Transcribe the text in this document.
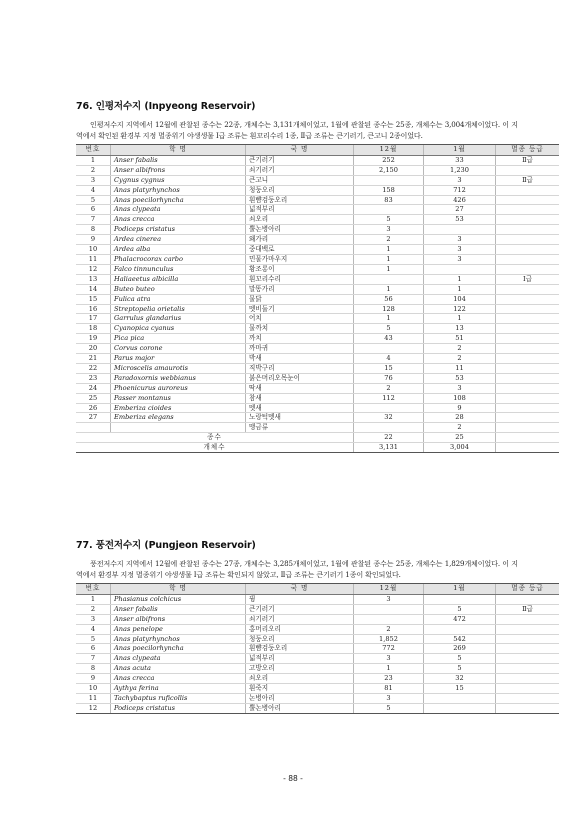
76. 인평저수지 (Inpyeong Reservoir)

인평저수지 지역에서 12월에 관찰된 종수는 22종, 개체수는 3,131개체이었고, 1월에 관찰된 종수는 25종, 개체수는 3,004개체이었다. 이 지역에서 확인된 환경부 지정 멸종위기 야생생물 Ⅰ급 조류는 흰꼬리수리 1종, Ⅱ급 조류는 큰기러기, 큰고니 2종이었다.

번호	학 명	국 명	12월	1월	멸종 등급
1	Anser fabalis	큰기러기	252	33	Ⅱ급
2	Anser albifrons	쇠기러기	2,150	1,230	
3	Cygnus cygnus	큰고니		3	Ⅱ급
4	Anas platyrhynchos	청둥오리	158	712	
5	Anas poecilorhyncha	흰뺨검둥오리	83	426	
6	Anas clypeata	넓적부리		27	
7	Anas crecca	쇠오리	5	53	
8	Podiceps cristatus	뿔논병아리	3		
9	Ardea cinerea	왜가리	2	3	
10	Ardea alba	중대백로	1	3	
11	Phalacrocorax carbo	민물가마우지	1	3	
12	Falco tinnunculus	황조롱이	1		
13	Haliaeetus albicilla	흰꼬리수리		1	Ⅰ급
14	Buteo buteo	말똥가리	1	1	
15	Fulica atra	물닭	56	104	
16	Streptopelia orietalis	멧비둘기	128	122	
17	Garrulus glandarius	어치	1	1	
18	Cyanopica cyanus	물까치	5	13	
19	Pica pica	까치	43	51	
20	Corvus corone	까마귀		2	
21	Parus major	박새	4	2	
22	Microscelis amaurotis	직박구리	15	11	
23	Paradoxornis webbianus	붉은머리오목눈이	76	53	
24	Phoenicurus auroreus	딱새	2	3	
25	Passer montanus	참새	112	108	
26	Emberiza cioides	멧새		9	
27	Emberiza elegans	노랑턱멧새	32	28	
		맹금류		2	
종수			22	25	
개체수			3,131	3,004	
77. 풍전저수지 (Pungjeon Reservoir)

풍전저수지 지역에서 12월에 관찰된 종수는 27종, 개체수는 3,285개체이었고, 1월에 관찰된 종수는 25종, 개체수는 1,829개체이었다. 이 지역에서 환경부 지정 멸종위기 야생생물 Ⅰ급 조류는 확인되지 않았고, Ⅱ급 조류는 큰기러기 1종이 확인되었다.

번호	학 명	국 명	12월	1월	멸종 등급
1	Phasianus colchicus	꿩	3		
2	Anser fabalis	큰기러기		5	Ⅱ급
3	Anser albifrons	쇠기러기		472	
4	Anas penelope	홍머리오리	2		
5	Anas platyrhynchos	청둥오리	1,852	542	
6	Anas poecilorhyncha	흰뺨검둥오리	772	269	
7	Anas clypeata	넓적부리	3	5	
8	Anas acuta	고방오리	1	5	
9	Anas crecca	쇠오리	23	32	
10	Aythya ferina	흰죽지	81	15	
11	Tachybaptus ruficollis	논병아리	3		
12	Podiceps cristatus	뿔논병아리	5		
- 88 -
